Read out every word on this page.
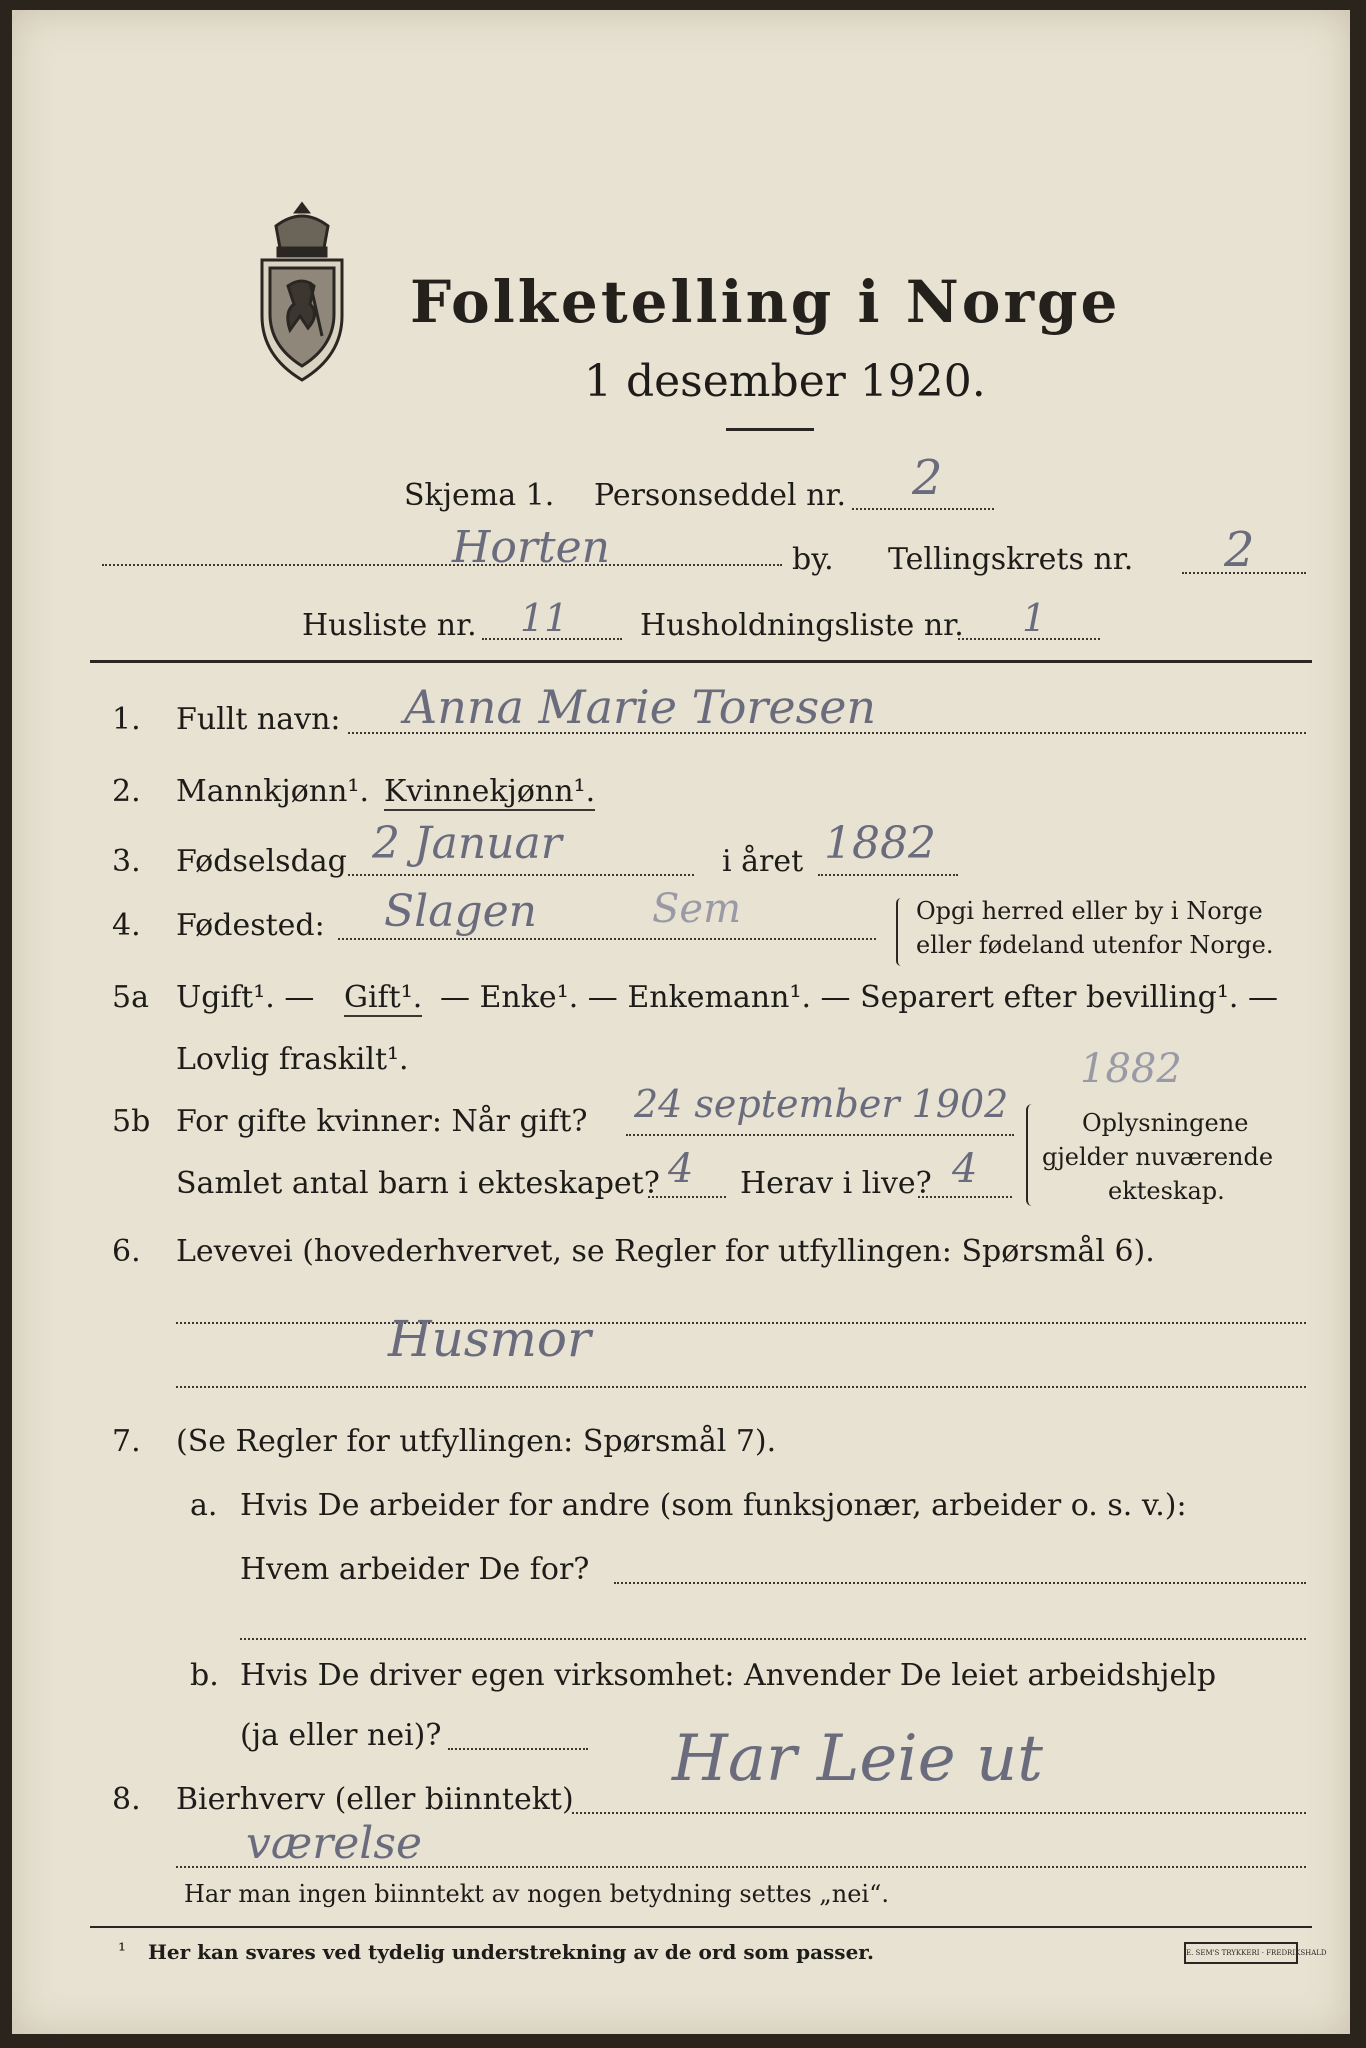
Folketelling i Norge
1 desember 1920.
Skjema 1. Personseddel nr. 2
Horten	by. Tellingskrets nr. 2
Husliste nr. 11 Husholdningsliste nr. 1
1. Fullt navn: Anna Marie Toresen
2. Mannkjønn¹. Kvinnekjønn¹.
3. Fødselsdag 2 Januar	i året 1882
4. Fødested: Slagen	Sem	Opgi herred eller by i Norge
eller fødeland utenfor Norge.
5a Ugift¹. — Gift¹. — Enke¹. — Enkemann¹. — Separert efter bevilling¹. —
Lovlig fraskilt¹.	1882
5b For gifte kvinner: Når gift? 24 september 1902
Samlet antal barn i ekteskapet? 4 Herav i live? 4
Oplysningene
gjelder nuværende
ekteskap.
6. Levevei (hovederhvervet, se Regler for utfyllingen: Spørsmål 6).
Husmor
7. (Se Regler for utfyllingen: Spørsmål 7).
a. Hvis De arbeider for andre (som funksjonær, arbeider o. s. v.):
Hvem arbeider De for?
b. Hvis De driver egen virksomhet: Anvender De leiet arbeidshjelp
(ja eller nei)?
8. Bierhverv (eller biinntekt)
Har Leie ut
værelse
Har man ingen biinntekt av nogen betydning settes „nei“.
¹ Her kan svares ved tydelig understrekning av de ord som passer.	E. SEM'S TRYKKERI · FREDRIKSHALD
